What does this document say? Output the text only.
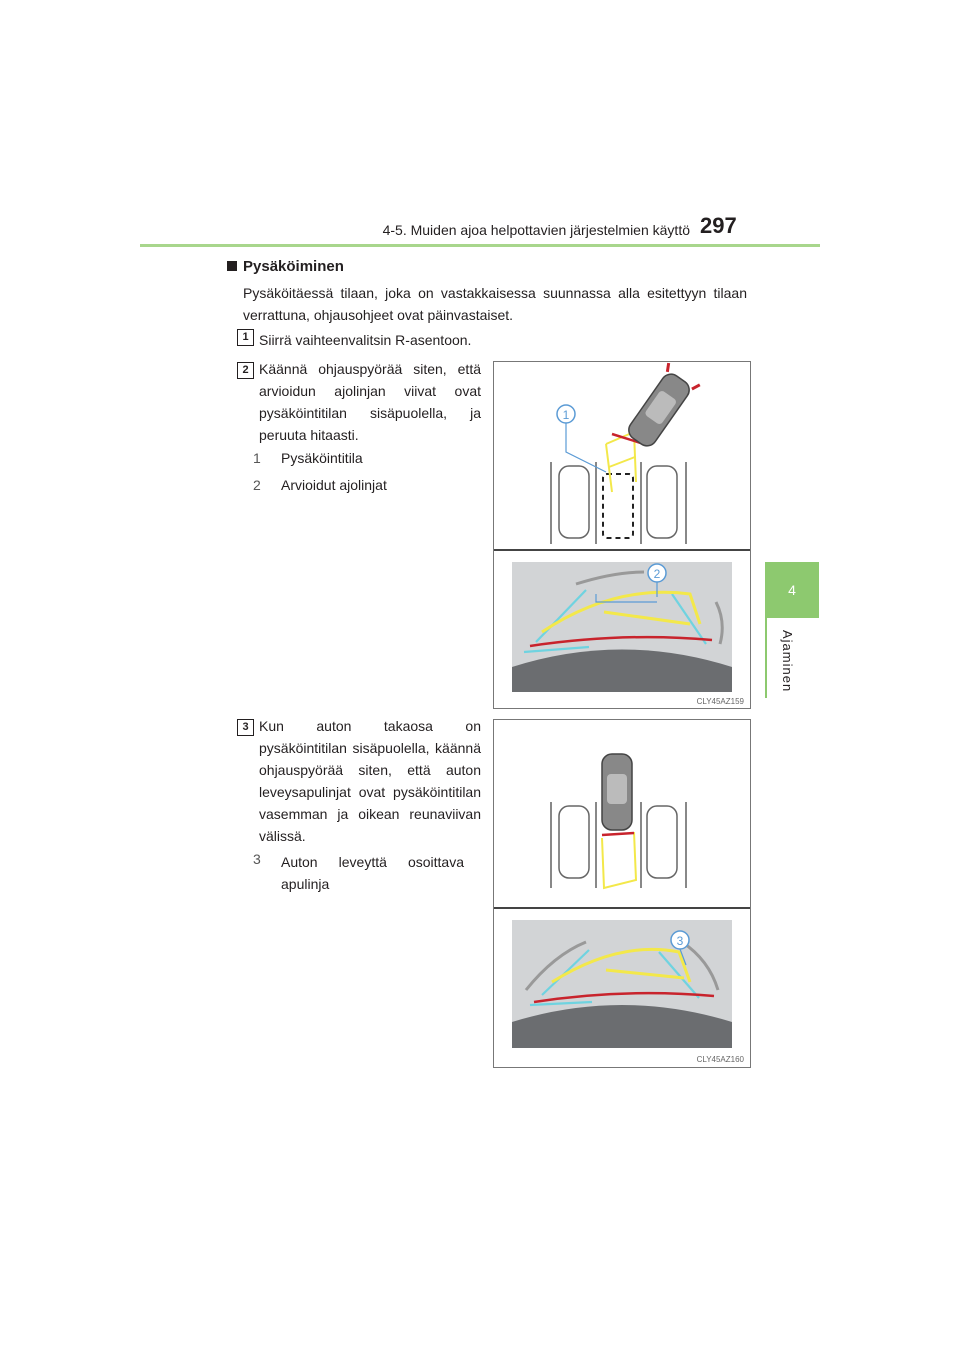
4-5. Muiden ajoa helpottavien järjestelmien käyttö 297
4
Ajaminen
Pysäköiminen
Pysäköitäessä tilaan, joka on vastakkaisessa suunnassa alla esitettyyn tilaan verrattuna, ohjausohjeet ovat päinvastaiset.
1 Siirrä vaihteenvalitsin R-asentoon.
2 Käännä ohjauspyörää siten, että arvioidun ajolinjan viivat ovat pysäköintitilan sisäpuolella, ja peruuta hitaasti.
1 Pysäköintitila
2 Arvioidut ajolinjat
1
2
CLY45AZ159
3 Kun auton takaosa on pysäköintitilan sisäpuolella, käännä ohjauspyörää siten, että auton leveysapulinjat ovat pysäköintitilan vasemman ja oikean reunaviivan välissä.
3 Auton leveyttä osoittava apulinja
3
CLY45AZ160
